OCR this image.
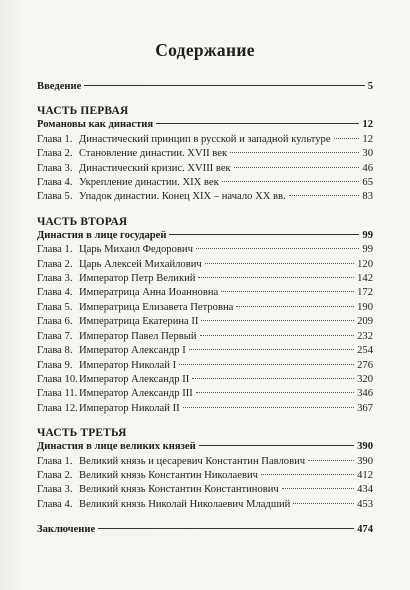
Содержание
Введение	5
ЧАСТЬ ПЕРВАЯ
Романовы как династия	12
Глава 1. Династический принцип в русской и западной культуре	12
Глава 2. Становление династии. XVII век	30
Глава 3. Династический кризис. XVIII век	46
Глава 4. Укрепление династии. XIX век	65
Глава 5. Упадок династии. Конец XIX – начало XX вв.	83
ЧАСТЬ ВТОРАЯ
Династия в лице государей	99
Глава 1. Царь Михаил Федорович	99
Глава 2. Царь Алексей Михайлович	120
Глава 3. Император Петр Великий	142
Глава 4. Императрица Анна Иоанновна	172
Глава 5. Императрица Елизавета Петровна	190
Глава 6. Императрица Екатерина II	209
Глава 7. Император Павел Первый	232
Глава 8. Император Александр I	254
Глава 9. Император Николай I	276
Глава 10. Император Александр II	320
Глава 11. Император Александр III	346
Глава 12. Император Николай II	367
ЧАСТЬ ТРЕТЬЯ
Династия в лице великих князей	390
Глава 1. Великий князь и цесаревич Константин Павлович	390
Глава 2. Великий князь Константин Николаевич	412
Глава 3. Великий князь Константин Константинович	434
Глава 4. Великий князь Николай Николаевич Младший	453
Заключение	474
